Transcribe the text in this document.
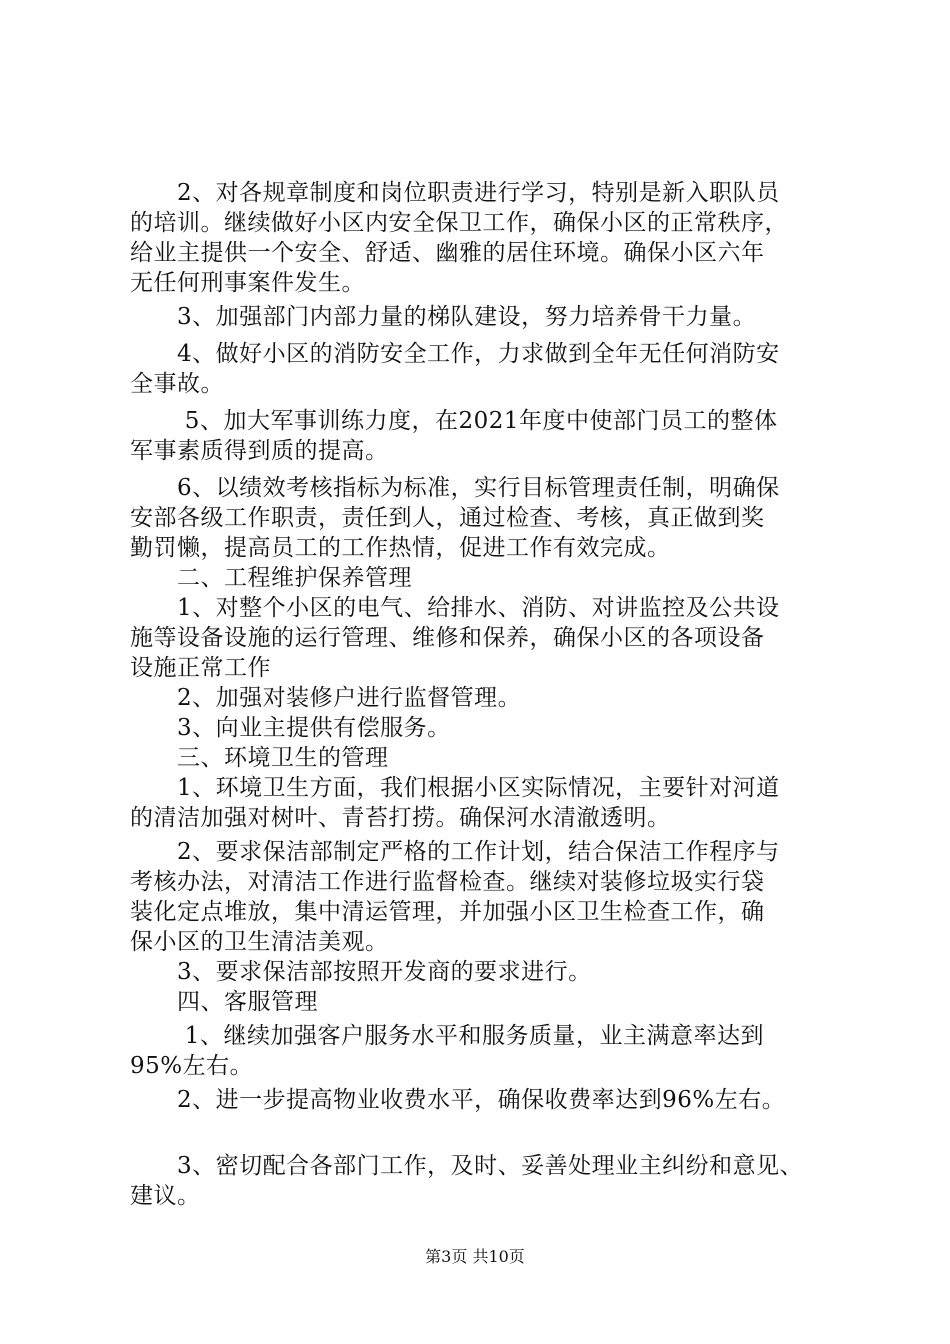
　　2、对各规章制度和岗位职责进行学习，特别是新入职队员
的培训。继续做好小区内安全保卫工作，确保小区的正常秩序，
给业主提供一个安全、舒适、幽雅的居住环境。确保小区六年
无任何刑事案件发生。
　　3、加强部门内部力量的梯队建设，努力培养骨干力量。
　　4、做好小区的消防安全工作，力求做到全年无任何消防安
全事故。
　　 5、加大军事训练力度，在2021年度中使部门员工的整体
军事素质得到质的提高。
　　6、以绩效考核指标为标准，实行目标管理责任制，明确保
安部各级工作职责，责任到人，通过检查、考核，真正做到奖
勤罚懒，提高员工的工作热情，促进工作有效完成。
　　二、工程维护保养管理
　　1、对整个小区的电气、给排水、消防、对讲监控及公共设
施等设备设施的运行管理、维修和保养，确保小区的各项设备
设施正常工作
　　2、加强对装修户进行监督管理。
　　3、向业主提供有偿服务。
　　三、环境卫生的管理
　　1、环境卫生方面，我们根据小区实际情况，主要针对河道
的清洁加强对树叶、青苔打捞。确保河水清澈透明。
　　2、要求保洁部制定严格的工作计划，结合保洁工作程序与
考核办法，对清洁工作进行监督检查。继续对装修垃圾实行袋
装化定点堆放，集中清运管理，并加强小区卫生检查工作，确
保小区的卫生清洁美观。
　　3、要求保洁部按照开发商的要求进行。
　　四、客服管理
　　 1、继续加强客户服务水平和服务质量，业主满意率达到
95%左右。
　　2、进一步提高物业收费水平，确保收费率达到96%左右。
　　3、密切配合各部门工作，及时、妥善处理业主纠纷和意见、
建议。
第3页 共10页
